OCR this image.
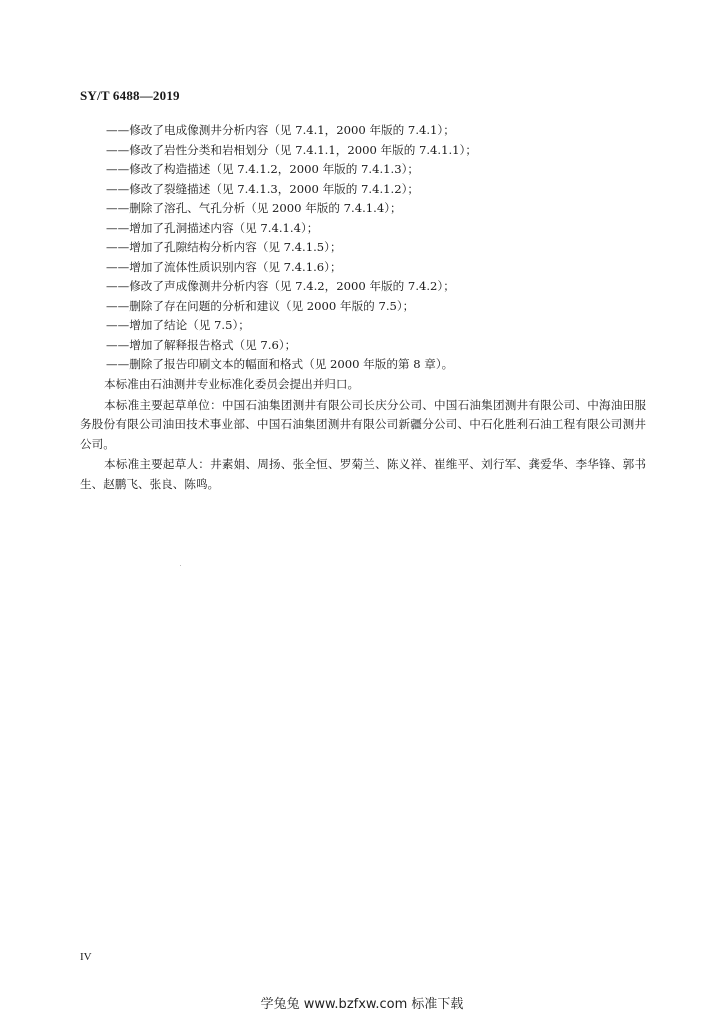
SY/T 6488—2019
——修改了电成像测井分析内容（见 7.4.1，2000 年版的 7.4.1）；
——修改了岩性分类和岩相划分（见 7.4.1.1，2000 年版的 7.4.1.1）；
——修改了构造描述（见 7.4.1.2，2000 年版的 7.4.1.3）；
——修改了裂缝描述（见 7.4.1.3，2000 年版的 7.4.1.2）；
——删除了溶孔、气孔分析（见 2000 年版的 7.4.1.4）；
——增加了孔洞描述内容（见 7.4.1.4）；
——增加了孔隙结构分析内容（见 7.4.1.5）；
——增加了流体性质识别内容（见 7.4.1.6）；
——修改了声成像测井分析内容（见 7.4.2，2000 年版的 7.4.2）；
——删除了存在问题的分析和建议（见 2000 年版的 7.5）；
——增加了结论（见 7.5）；
——增加了解释报告格式（见 7.6）；
——删除了报告印刷文本的幅面和格式（见 2000 年版的第 8 章）。

本标准由石油测井专业标准化委员会提出并归口。

本标准主要起草单位：中国石油集团测井有限公司长庆分公司、中国石油集团测井有限公司、中海油田服务股份有限公司油田技术事业部、中国石油集团测井有限公司新疆分公司、中石化胜利石油工程有限公司测井公司。

本标准主要起草人：井素娟、周扬、张全恒、罗菊兰、陈义祥、崔维平、刘行军、龚爱华、李华锋、郭书生、赵鹏飞、张良、陈鸣。

IV
学兔兔 www.bzfxw.com 标准下载
